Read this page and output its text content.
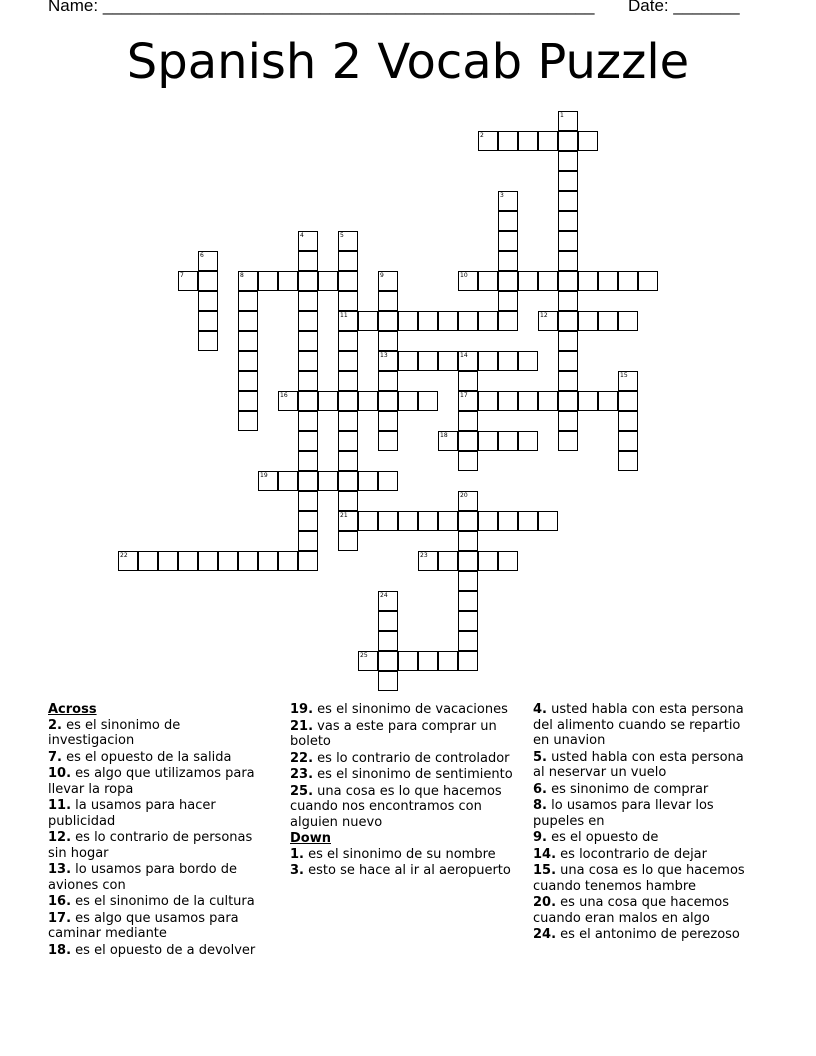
Name: ____________________________________________________ Date: _______
Spanish 2 Vocab Puzzle
1
2
3
4	5
6
7	8	9	10
11	12
13	14
15
16	17
18
19
20
21
22	23
24
25
Across
2. es el sinonimo de investigacion
7. es el opuesto de la salida
10. es algo que utilizamos para llevar la ropa
11. la usamos para hacer publicidad
12. es lo contrario de personas sin hogar
13. lo usamos para bordo de aviones con
16. es el sinonimo de la cultura
17. es algo que usamos para caminar mediante
18. es el opuesto de a devolver
19. es el sinonimo de vacaciones
21. vas a este para comprar un boleto
22. es lo contrario de controlador
23. es el sinonimo de sentimiento
25. una cosa es lo que hacemos cuando nos encontramos con alguien nuevo
Down
1. es el sinonimo de su nombre
3. esto se hace al ir al aeropuerto
4. usted habla con esta persona del alimento cuando se repartio en unavion
5. usted habla con esta persona al neservar un vuelo
6. es sinonimo de comprar
8. lo usamos para llevar los pupeles en
9. es el opuesto de
14. es locontrario de dejar
15. una cosa es lo que hacemos cuando tenemos hambre
20. es una cosa que hacemos cuando eran malos en algo
24. es el antonimo de perezoso
